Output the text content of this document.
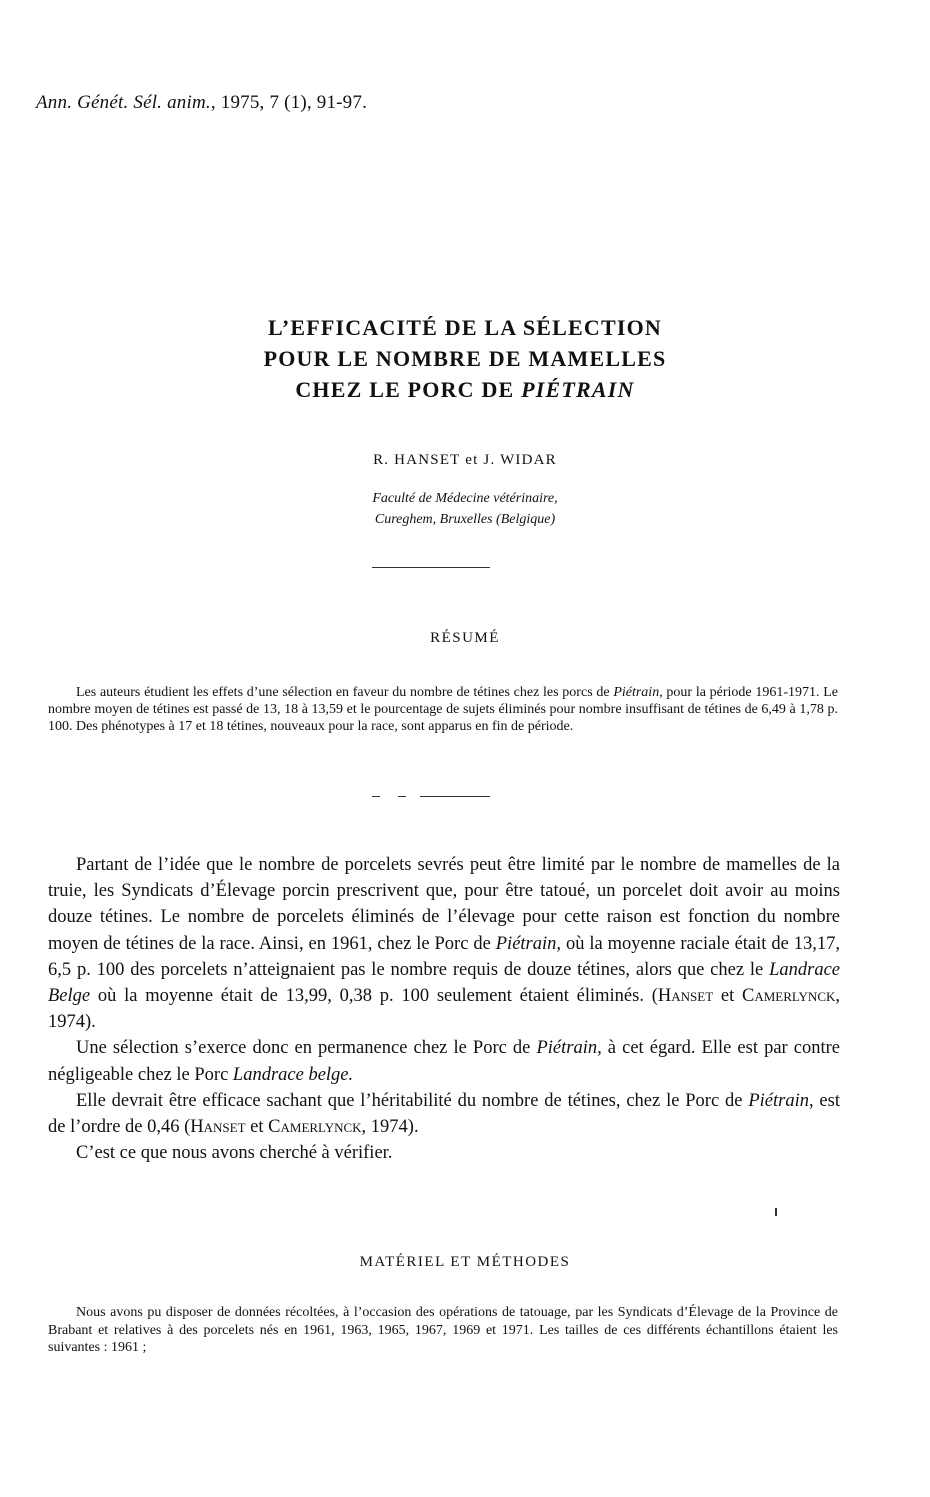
Ann. Génét. Sél. anim., 1975, 7 (1), 91-97.
L’EFFICACITÉ DE LA SÉLECTION
POUR LE NOMBRE DE MAMELLES
CHEZ LE PORC DE PIÉTRAIN
R. HANSET et J. WIDAR
Faculté de Médecine vétérinaire,
Cureghem, Bruxelles (Belgique)
RÉSUMÉ

Les auteurs étudient les effets d’une sélection en faveur du nombre de tétines chez les porcs de Piétrain, pour la période 1961-1971. Le nombre moyen de tétines est passé de 13, 18 à 13,59 et le pourcentage de sujets éliminés pour nombre insuffisant de tétines de 6,49 à 1,78 p. 100. Des phénotypes à 17 et 18 tétines, nouveaux pour la race, sont apparus en fin de période.

Partant de l’idée que le nombre de porcelets sevrés peut être limité par le nombre de mamelles de la truie, les Syndicats d’Élevage porcin prescrivent que, pour être tatoué, un porcelet doit avoir au moins douze tétines. Le nombre de porcelets éliminés de l’élevage pour cette raison est fonction du nombre moyen de tétines de la race. Ainsi, en 1961, chez le Porc de Piétrain, où la moyenne raciale était de 13,17, 6,5 p. 100 des porcelets n’atteignaient pas le nombre requis de douze tétines, alors que chez le Landrace Belge où la moyenne était de 13,99, 0,38 p. 100 seulement étaient éliminés. (Hanset et Camerlynck, 1974).

Une sélection s’exerce donc en permanence chez le Porc de Piétrain, à cet égard. Elle est par contre négligeable chez le Porc Landrace belge.

Elle devrait être efficace sachant que l’héritabilité du nombre de tétines, chez le Porc de Piétrain, est de l’ordre de 0,46 (Hanset et Camerlynck, 1974).

C’est ce que nous avons cherché à vérifier.

MATÉRIEL ET MÉTHODES

Nous avons pu disposer de données récoltées, à l’occasion des opérations de tatouage, par les Syndicats d’Élevage de la Province de Brabant et relatives à des porcelets nés en 1961, 1963, 1965, 1967, 1969 et 1971. Les tailles de ces différents échantillons étaient les suivantes : 1961 ;
